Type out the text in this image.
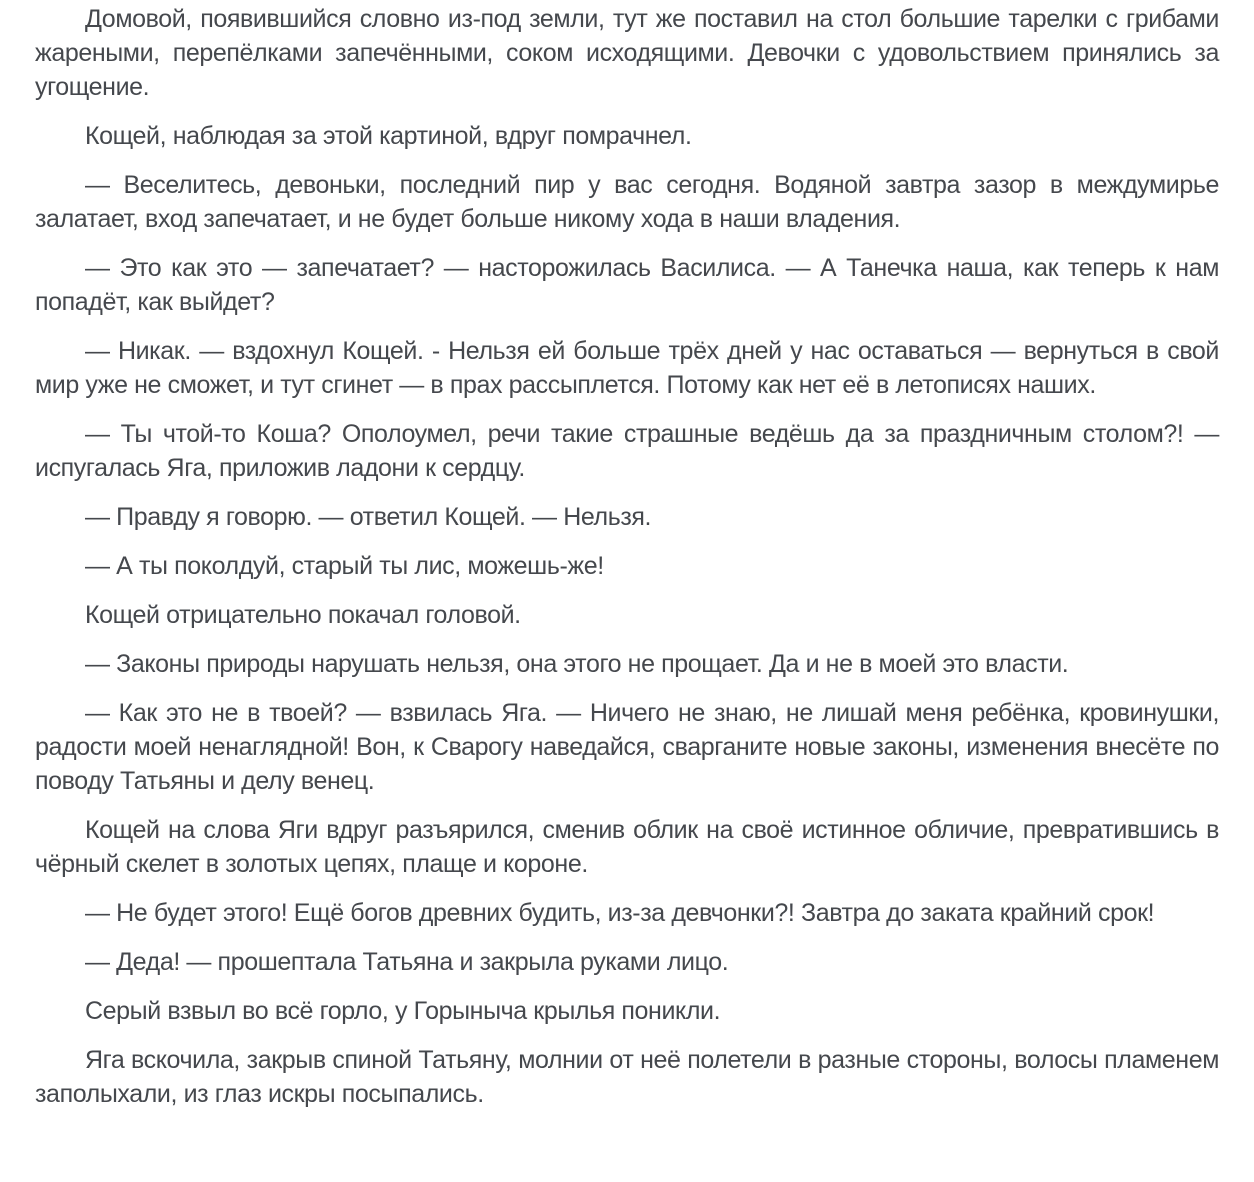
Домовой, появившийся словно из-под земли, тут же поставил на стол большие тарелки с грибами жареными, перепёлками запечёнными, соком исходящими. Девочки с удовольствием принялись за угощение.

Кощей, наблюдая за этой картиной, вдруг помрачнел.

— Веселитесь, девоньки, последний пир у вас сегодня. Водяной завтра зазор в междумирье залатает, вход запечатает, и не будет больше никому хода в наши владения.

— Это как это — запечатает? — насторожилась Василиса. — А Танечка наша, как теперь к нам попадёт, как выйдет?

— Никак. — вздохнул Кощей. - Нельзя ей больше трёх дней у нас оставаться — вернуться в свой мир уже не сможет, и тут сгинет — в прах рассыплется. Потому как нет её в летописях наших.

— Ты чтой-то Коша? Ополоумел, речи такие страшные ведёшь да за праздничным столом?! — испугалась Яга, приложив ладони к сердцу.

— Правду я говорю. — ответил Кощей. — Нельзя.

— А ты поколдуй, старый ты лис, можешь-же!

Кощей отрицательно покачал головой.

— Законы природы нарушать нельзя, она этого не прощает. Да и не в моей это власти.

— Как это не в твоей? — взвилась Яга. — Ничего не знаю, не лишай меня ребёнка, кровинушки, радости моей ненаглядной! Вон, к Сварогу наведайся, сварганите новые законы, изменения внесёте по поводу Татьяны и делу венец.

Кощей на слова Яги вдруг разъярился, сменив облик на своё истинное обличие, превратившись в чёрный скелет в золотых цепях, плаще и короне.

— Не будет этого! Ещё богов древних будить, из-за девчонки?! Завтра до заката крайний срок!

— Деда! — прошептала Татьяна и закрыла руками лицо.

Серый взвыл во всё горло, у Горыныча крылья поникли.

Яга вскочила, закрыв спиной Татьяну, молнии от неё полетели в разные стороны, волосы пламенем заполыхали, из глаз искры посыпались.
